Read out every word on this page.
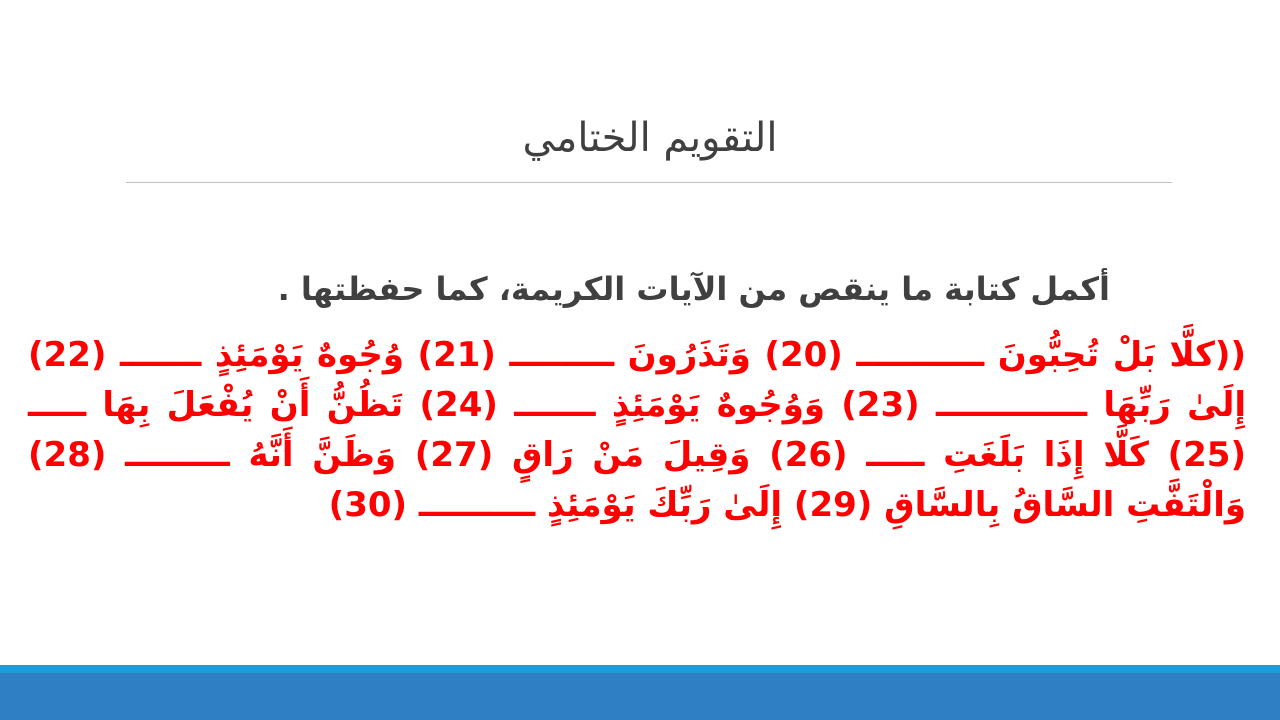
التقويم الختامي
أكمل كتابة ما ينقص من الآيات الكريمة، كما حفظتها .
((كلَّا بَلْ تُحِبُّونَ ـــــــــــ (20) وَتَذَرُونَ ـــــــــ (21) وُجُوهٌ يَوْمَئِذٍ ـــــــ (22) إِلَىٰ رَبِّهَا ـــــــــــــ (23) وَوُجُوهٌ يَوْمَئِذٍ ـــــــ (24) تَظُنُّ أَنْ يُفْعَلَ بِهَا ـــــ (25) كَلَّا إِذَا بَلَغَتِ ـــــ (26) وَقِيلَ مَنْ رَاقٍ (27) وَظَنَّ أَنَّهُ ـــــــــ (28) وَالْتَفَّتِ السَّاقُ بِالسَّاقِ (29) إِلَىٰ رَبِّكَ يَوْمَئِذٍ ــــــــــ (30)
